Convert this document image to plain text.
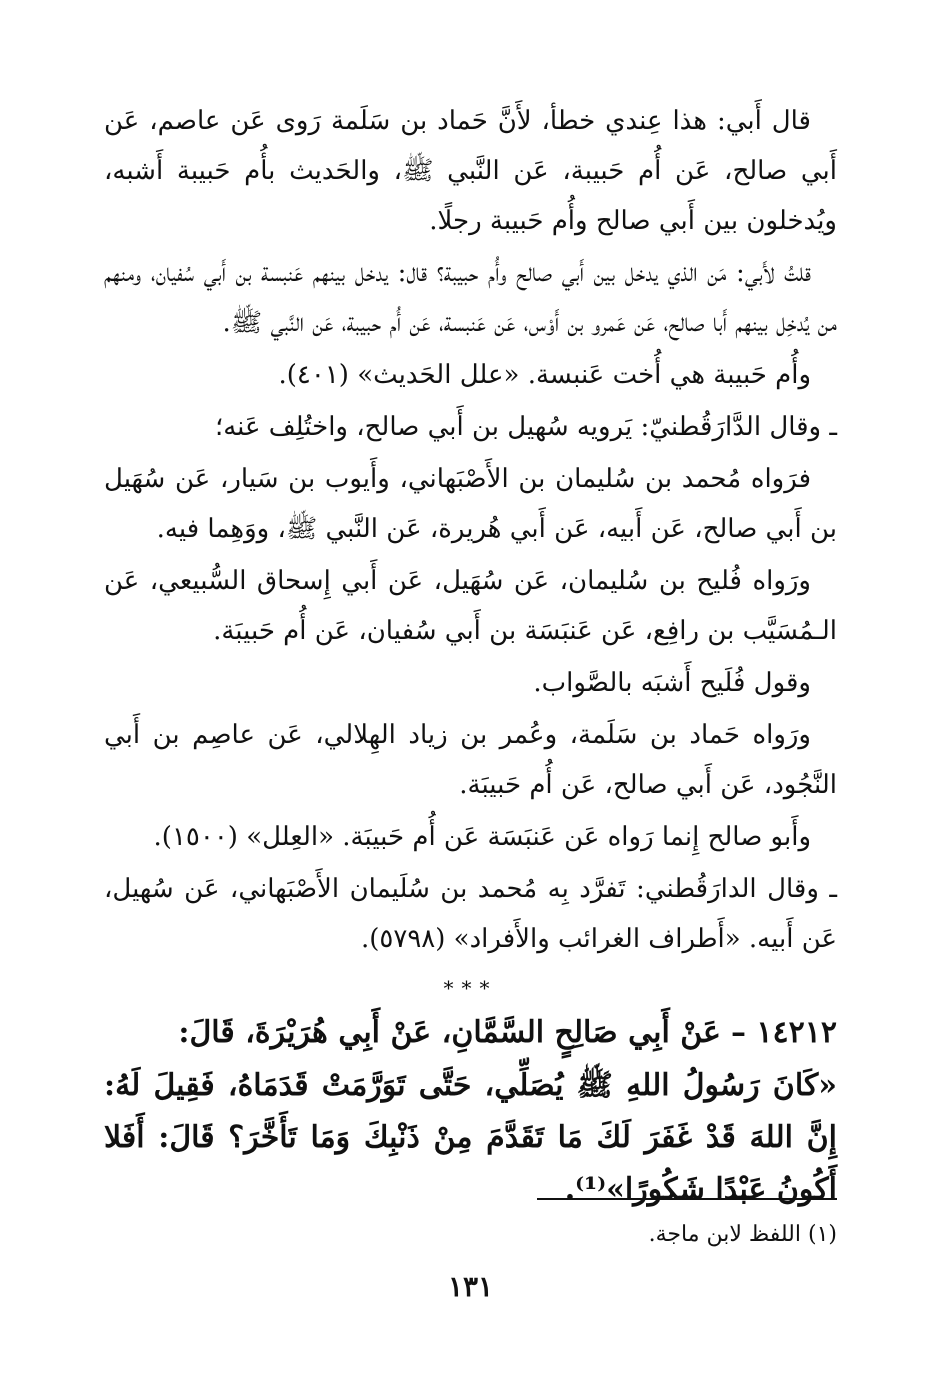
قال أَبي: هذا عِندي خطأ، لأَنَّ حَماد بن سَلَمة رَوى عَن عاصم، عَن أَبي صالح، عَن أُم حَبيبة، عَن النَّبي ﷺ، والحَديث بأُم حَبيبة أَشبه، ويُدخلون بين أَبي صالح وأُم حَبيبة رجلًا.

قلتُ لأَبي: مَن الذي يدخل بين أَبي صالح وأُم حبيبة؟ قال: يدخل بينهم عَنبسة بن أَبي سُفيان، ومنهم من يُدخِل بينهم أَبا صالح، عَن عَمرو بن أَوْس، عَن عَنبسة، عَن أُم حبيبة، عَن النَّبي ﷺ.

وأُم حَبيبة هي أُخت عَنبسة. «علل الحَديث» (٤٠١).

ـ وقال الدَّارَقُطنيّ: يَرويه سُهيل بن أَبي صالح، واختُلِف عَنه؛

فرَواه مُحمد بن سُليمان بن الأَصْبَهاني، وأَيوب بن سَيار، عَن سُهَيل بن أَبي صالح، عَن أَبيه، عَن أَبي هُريرة، عَن النَّبي ﷺ، ووَهِما فيه.

ورَواه فُليح بن سُليمان، عَن سُهَيل، عَن أَبي إِسحاق السُّبيعي، عَن الـمُسَيَّب بن رافِع، عَن عَنبَسَة بن أَبي سُفيان، عَن أُم حَبيبَة.

وقول فُلَيح أَشبَه بالصَّواب.

ورَواه حَماد بن سَلَمة، وعُمر بن زياد الهِلالي، عَن عاصِم بن أَبي النَّجُود، عَن أَبي صالح، عَن أُم حَبيبَة.

وأَبو صالح إِنما رَواه عَن عَنبَسَة عَن أُم حَبيبَة. «العِلل» (١٥٠٠).

ـ وقال الدارَقُطني: تَفرَّد بِه مُحمد بن سُلَيمان الأَصْبَهاني، عَن سُهيل، عَن أَبيه. «أَطراف الغرائب والأَفراد» (٥٧٩٨).

***

١٤٢١٢ –عَنْ أَبِي صَالِحٍ السَّمَّانِ، عَنْ أَبِي هُرَيْرَةَ، قَالَ:

«كَانَ رَسُولُ اللهِ ﷺ يُصَلِّي، حَتَّى تَوَرَّمَتْ قَدَمَاهُ، فَقِيلَ لَهُ: إِنَّ اللهَ قَدْ غَفَرَ لَكَ مَا تَقَدَّمَ مِنْ ذَنْبِكَ وَمَا تَأَخَّرَ؟ قَالَ: أَفَلا أَكُونُ عَبْدًا شَكُورًا»⁽¹⁾.

(١) اللفظ لابن ماجة.
١٣١
